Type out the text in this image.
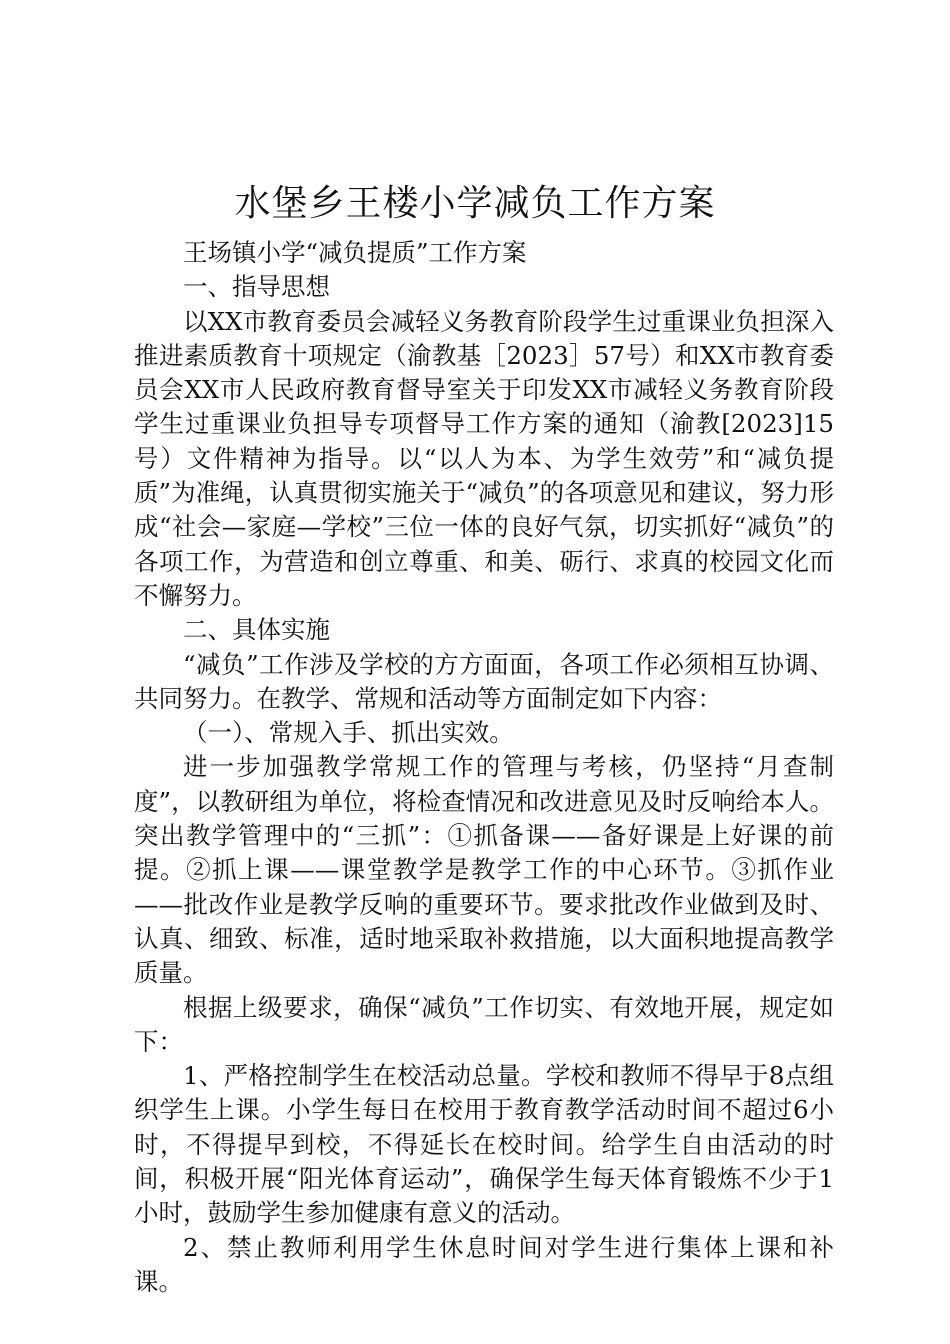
水堡乡王楼小学减负工作方案

王场镇小学“减负提质”工作方案

一、指导思想

以XX市教育委员会减轻义务教育阶段学生过重课业负担深入推进素质教育十项规定（渝教基［2023］57号）和XX市教育委员会XX市人民政府教育督导室关于印发XX市减轻义务教育阶段学生过重课业负担导专项督导工作方案的通知（渝教[2023]15号）文件精神为指导。以“以人为本、为学生效劳”和“减负提质”为准绳，认真贯彻实施关于“减负”的各项意见和建议，努力形成“社会—家庭—学校”三位一体的良好气氛，切实抓好“减负”的各项工作，为营造和创立尊重、和美、砺行、求真的校园文化而不懈努力。

二、具体实施

“减负”工作涉及学校的方方面面，各项工作必须相互协调、共同努力。在教学、常规和活动等方面制定如下内容：

（一）、常规入手、抓出实效。

进一步加强教学常规工作的管理与考核，仍坚持“月查制度”，以教研组为单位，将检查情况和改进意见及时反响给本人。突出教学管理中的“三抓”：①抓备课——备好课是上好课的前提。②抓上课——课堂教学是教学工作的中心环节。③抓作业——批改作业是教学反响的重要环节。要求批改作业做到及时、认真、细致、标准，适时地采取补救措施，以大面积地提高教学质量。

根据上级要求，确保“减负”工作切实、有效地开展，规定如下：

1、严格控制学生在校活动总量。学校和教师不得早于8点组织学生上课。小学生每日在校用于教育教学活动时间不超过6小时，不得提早到校，不得延长在校时间。给学生自由活动的时间，积极开展“阳光体育运动”，确保学生每天体育锻炼不少于1小时，鼓励学生参加健康有意义的活动。

2、禁止教师利用学生休息时间对学生进行集体上课和补课。
